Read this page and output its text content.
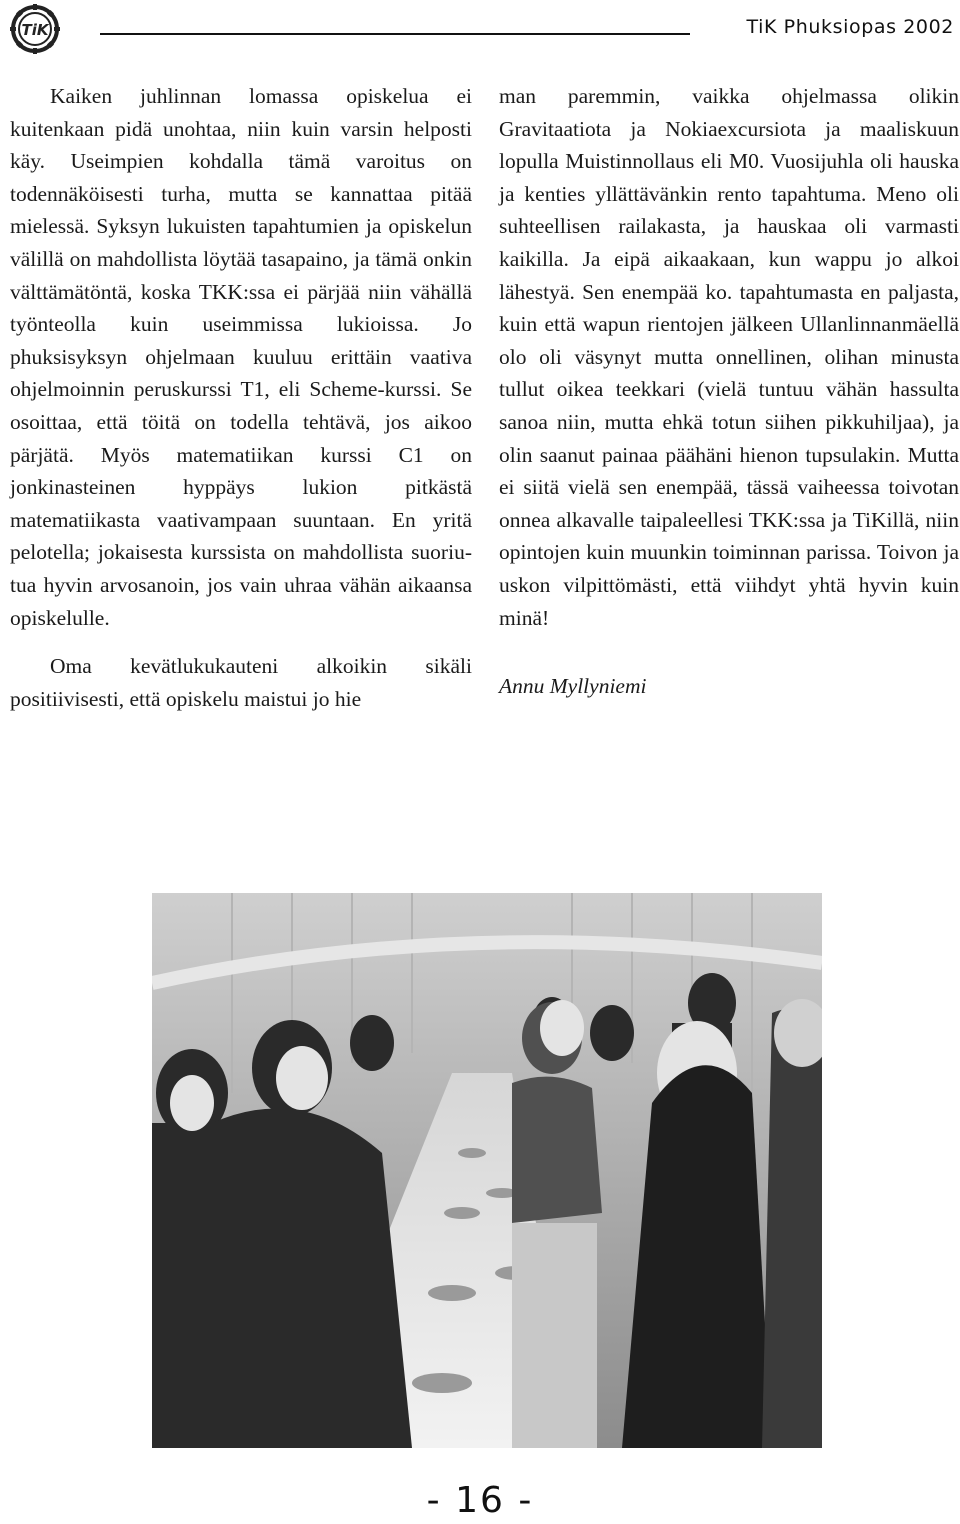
TiK	TiK Phuksiopas 2002

Kaiken juhlinnan lomassa opiskelua ei kuitenkaan pidä unohtaa, niin kuin varsin helposti käy. Useimpien kohdalla tämä varoitus on todennäköisesti turha, mutta se kannattaa pitää mielessä. Syksyn lukuisten tapahtumien ja opiskelun välillä on mahdollista löytää tasapaino, ja tämä onkin välttämätöntä, koska TKK:ssa ei pärjää niin vähällä työnteolla kuin useimmissa lukioissa. Jo phuksisyksyn ohjelmaan kuuluu erittäin vaativa ohjelmoinnin peruskurssi T1, eli Scheme-kurssi. Se osoittaa, että töitä on todella tehtävä, jos aikoo pärjätä. Myös matematiikan kurssi C1 on jonkinasteinen hyppäys lukion pitkästä matematiikasta vaativampaan suuntaan. En yritä pelotella; jokaisesta kurssista on mahdollista suoriutua hyvin arvosanoin, jos vain uhraa vähän aikaansa opiskelulle.

Oma kevätlukukauteni alkoikin sikäli positiivisesti, että opiskelu maistui jo hie

man paremmin, vaikka ohjelmassa olikin Gravitaatiota ja Nokiaexcursiota ja maaliskuun lopulla Muistinnollaus eli M0. Vuosijuhla oli hauska ja kenties yllättävänkin rento tapahtuma. Meno oli suhteellisen railakasta, ja hauskaa oli varmasti kaikilla. Ja eipä aikaakaan, kun wappu jo alkoi lähestyä. Sen enempää ko. tapahtumasta en paljasta, kuin että wapun rientojen jälkeen Ullanlinnanmäellä olo oli väsynyt mutta onnellinen, olihan minusta tullut oikea teekkari (vielä tuntuu vähän hassulta sanoa niin, mutta ehkä totun siihen pikkuhiljaa), ja olin saanut painaa päähäni hienon tupsulakin. Mutta ei siitä vielä sen enempää, tässä vaiheessa toivotan onnea alkavalle taipaleellesi TKK:ssa ja TiKillä, niin opintojen kuin muunkin toiminnan parissa. Toivon ja uskon vilpittömästi, että viihdyt yhtä hyvin kuin minä!

Annu Myllyniemi

- 16 -
